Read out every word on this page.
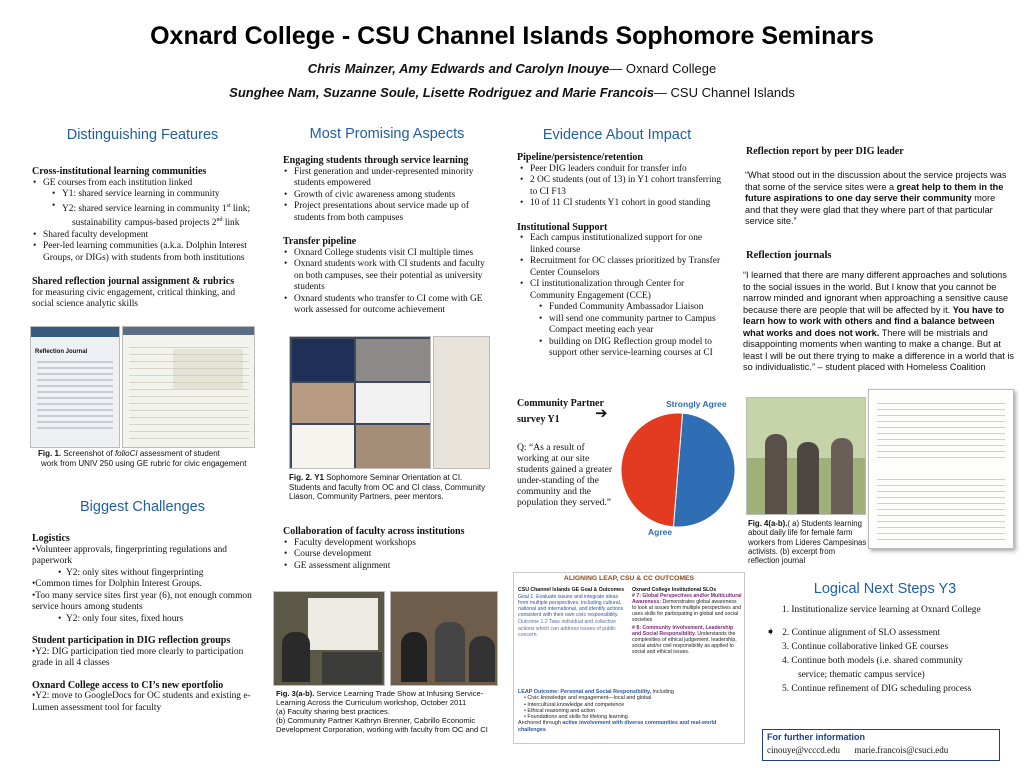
Oxnard College - CSU Channel Islands Sophomore Seminars
Chris Mainzer, Amy Edwards and Carolyn Inouye— Oxnard College
Sunghee Nam, Suzanne Soule, Lisette Rodriguez and Marie Francois— CSU Channel Islands
Distinguishing Features
Cross-institutional learning communities
• GE courses from each institution linked
• Y1: shared service learning in community
• Y2: shared service learning in community 1st link;
sustainability campus-based projects 2nd link
• Shared faculty development
• Peer-led learning communities (a.k.a. Dolphin Interest Groups, or DIGs) with students from both institutions
Shared reflection journal assignment & rubrics
for measuring civic engagement, critical thinking, and social science analytic skills
Reflection Journal
Fig. 1. Screenshot of folioCI assessment of student
work from UNIV 250 using GE rubric for civic engagement
Biggest Challenges
Logistics
•Volunteer approvals, fingerprinting regulations and paperwork
•  Y2: only sites without fingerprinting
•Common times for Dolphin Interest Groups.
•Too many service sites first year (6), not enough common service hours among students
•  Y2: only four sites, fixed hours
Student participation in DIG reflection groups
•Y2: DIG participation tied more clearly to participation grade in all 4 classes
Oxnard College access to CI’s new eportfolio
•Y2: move to GoogleDocs for OC students and existing e-Lumen assessment tool for faculty
Most Promising Aspects
Engaging students through service learning
• First generation and under-represented minority students empowered
• Growth of civic awareness among students
• Project presentations about service made up of students from both campuses
Transfer pipeline
• Oxnard College students visit CI multiple times
• Oxnard students work with CI students and faculty on both campuses, see their potential as university students
• Oxnard students who transfer to CI come with GE work assessed for outcome achievement
Fig. 2. Y1 Sophomore Seminar Orientation at CI. Students and faculty from OC and CI class, Community Liason, Community Partners, peer mentors.
Collaboration of faculty across institutions
• Faculty development workshops
• Course development
• GE assessment alignment
Fig. 3(a-b). Service Learning Trade Show at Infusing Service-Learning Across the Curriculum workshop, October 2011
(a) Faculty sharing best practices.
(b) Community Partner Kathryn Brenner, Cabrillo Economic Development Corporation, working with faculty from OC and CI
Evidence About Impact
Pipeline/persistence/retention
• Peer DIG leaders conduit for transfer info
• 2 OC students (out of 13) in Y1 cohort transferring to CI F13
• 10 of 11 CI students Y1 cohort in good standing
Institutional Support
• Each campus institutionalized support for one linked course
• Recruitment for OC classes prioritized by Transfer Center Counselors
• CI institutionalization through Center for Community Engagement (CCE)
• Funded Community Ambassador Liaison
• will send one community partner to Campus Compact meeting each year
• building on DIG Reflection group model to support other service-learning courses at CI
Community Partner
survey Y1	➔
Q: “As a result of working at our site students gained a greater under-standing of the community and the population they served.”
Strongly Agree
Agree
ALIGNING LEAP, CSU & CC OUTCOMES
CSU Channel Islands GE Goal & Outcomes
Goal 1: Evaluate issues and integrate ideas from multiple perspectives, including cultural, national and international, and identify actions consistent with their own civic responsibility.
Outcome 1.2 Take individual and collective actions which can address issues of public concern.
Oxnard College Institutional SLOs
# 7: Global Perspectives and/or Multicultural Awareness: Demonstrates global awareness to look at issues from multiple perspectives and uses skills for participating in global and social societies
# 8: Community Involvement, Leadership and Social Responsibility. Understands the complexities of ethical judgement, leadership, social and/or civil responsibility as applied to social and ethical issues.
LEAP Outcome: Personal and Social Responsibility, including
• Civic knowledge and engagement—local and global
• Intercultural knowledge and competence
• Ethical reasoning and action
• Foundations and skills for lifelong learning
Anchored through active involvement with diverse communities and real-world challenges
Reflection report by peer DIG leader
“What stood out in the discussion about the service projects was that some of the service sites were a great help to them in the future aspirations to one day serve their community more and that they were glad that they where part of that particular service site.”
Reflection journals
“I learned that there are many different approaches and solutions to the social issues in the world. But I know that you cannot be narrow minded and ignorant when approaching a sensitive cause because there are people that will be affected by it. You have to learn how to work with others and find a balance between what works and does not work. There will be mistrials and disappointing moments when wanting to make a change. But at least I will be out there trying to make a difference in a world that is so individualistic.” – student placed with Homeless Coalition
Fig. 4(a-b).( a) Students learning about daily life for female farm workers from Lideres Campesinas activists. (b) excerpt from reflection journal
Logical Next Steps Y3
1. Institutionalize service learning at Oxnard College
➧ 2. Continue alignment of SLO assessment
3. Continue collaborative linked GE courses
4. Continue both models (i.e. shared community
service; thematic campus service)
5. Continue refinement of DIG scheduling process
For further information
cinouye@vcccd.edu marie.francois@csuci.edu
